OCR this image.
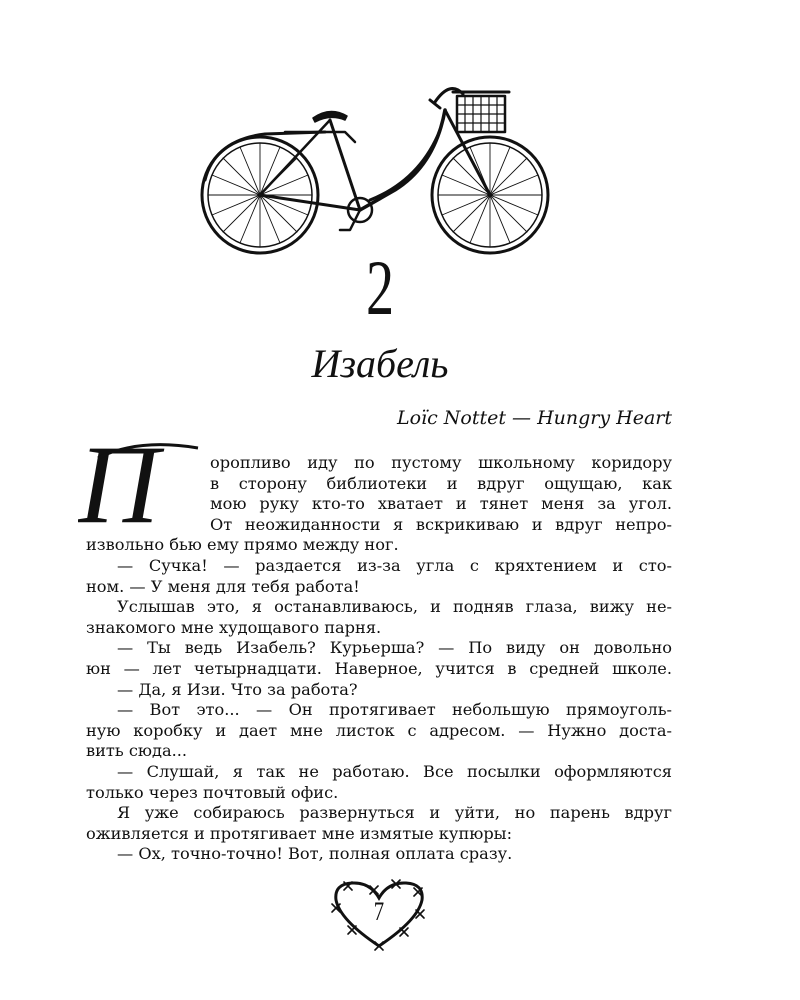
2
Изабель
Loïc Nottet — Hungry Heart
П	оропливо иду по пустому школьному коридору
в сторону библиотеки и вдруг ощущаю, как
мою руку кто-то хватает и тянет меня за угол.
От неожиданности я вскрикиваю и вдруг непро-
извольно бью ему прямо между ног.
— Сучка! — раздается из-за угла с кряхтением и сто-
ном. — У меня для тебя работа!
Услышав это, я останавливаюсь, и подняв глаза, вижу не-
знакомого мне худощавого парня.
— Ты ведь Изабель? Курьерша? — По виду он довольно
юн — лет четырнадцати. Наверное, учится в средней школе.
— Да, я Изи. Что за работа?
— Вот это... — Он протягивает небольшую прямоуголь-
ную коробку и дает мне листок с адресом. — Нужно доста-
вить сюда...
— Слушай, я так не работаю. Все посылки оформляются
только через почтовый офис.
Я уже собираюсь развернуться и уйти, но парень вдруг
оживляется и протягивает мне измятые купюры:
— Ох, точно-точно! Вот, полная оплата сразу.
7
